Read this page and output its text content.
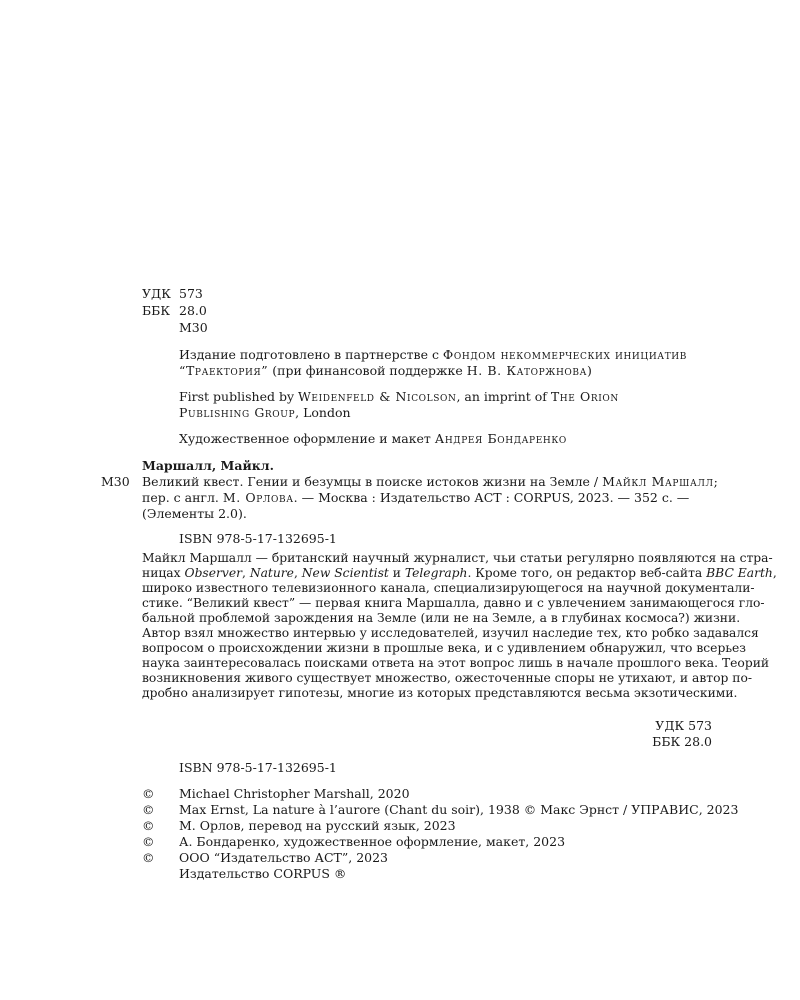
УДК 573
ББК 28.0
М30
Издание подготовлено в партнерстве с Фондом некоммерческих инициатив
“Траектория” (при финансовой поддержке Н. В. Каторжнова)
First published by Weidenfeld & Nicolson, an imprint of The Orion
Publishing Group, London
Художественное оформление и макет Андрея Бондаренко
Маршалл, Майкл.
М30 Великий квест. Гении и безумцы в поиске истоков жизни на Земле / Майкл Маршалл;
пер. с англ. М. Орлова. — Москва : Издательство АСТ : CORPUS, 2023. — 352 с. —
(Элементы 2.0).
ISBN 978-5-17-132695-1
Майкл Маршалл — британский научный журналист, чьи статьи регулярно появляются на стра-
ницах Observer, Nature, New Scientist и Telegraph. Кроме того, он редактор веб-сайта BBC Earth,
широко известного телевизионного канала, специализирующегося на научной документали-
стике. “Великий квест” — первая книга Маршалла, давно и с увлечением занимающегося гло-
бальной проблемой зарождения на Земле (или не на Земле, а в глубинах космоса?) жизни.
Автор взял множество интервью у исследователей, изучил наследие тех, кто робко задавался
вопросом о происхождении жизни в прошлые века, и с удивлением обнаружил, что всерьез
наука заинтересовалась поисками ответа на этот вопрос лишь в начале прошлого века. Теорий
возникновения живого существует множество, ожесточенные споры не утихают, и автор по-
дробно анализирует гипотезы, многие из которых представляются весьма экзотическими.
УДК 573
ББК 28.0
ISBN 978-5-17-132695-1
© Michael Christopher Marshall, 2020
© Max Ernst, La nature à l’aurore (Chant du soir), 1938 © Макс Эрнст / УПРАВИС, 2023
© М. Орлов, перевод на русский язык, 2023
© А. Бондаренко, художественное оформление, макет, 2023
© ООО “Издательство АСТ”, 2023
Издательство CORPUS ®
